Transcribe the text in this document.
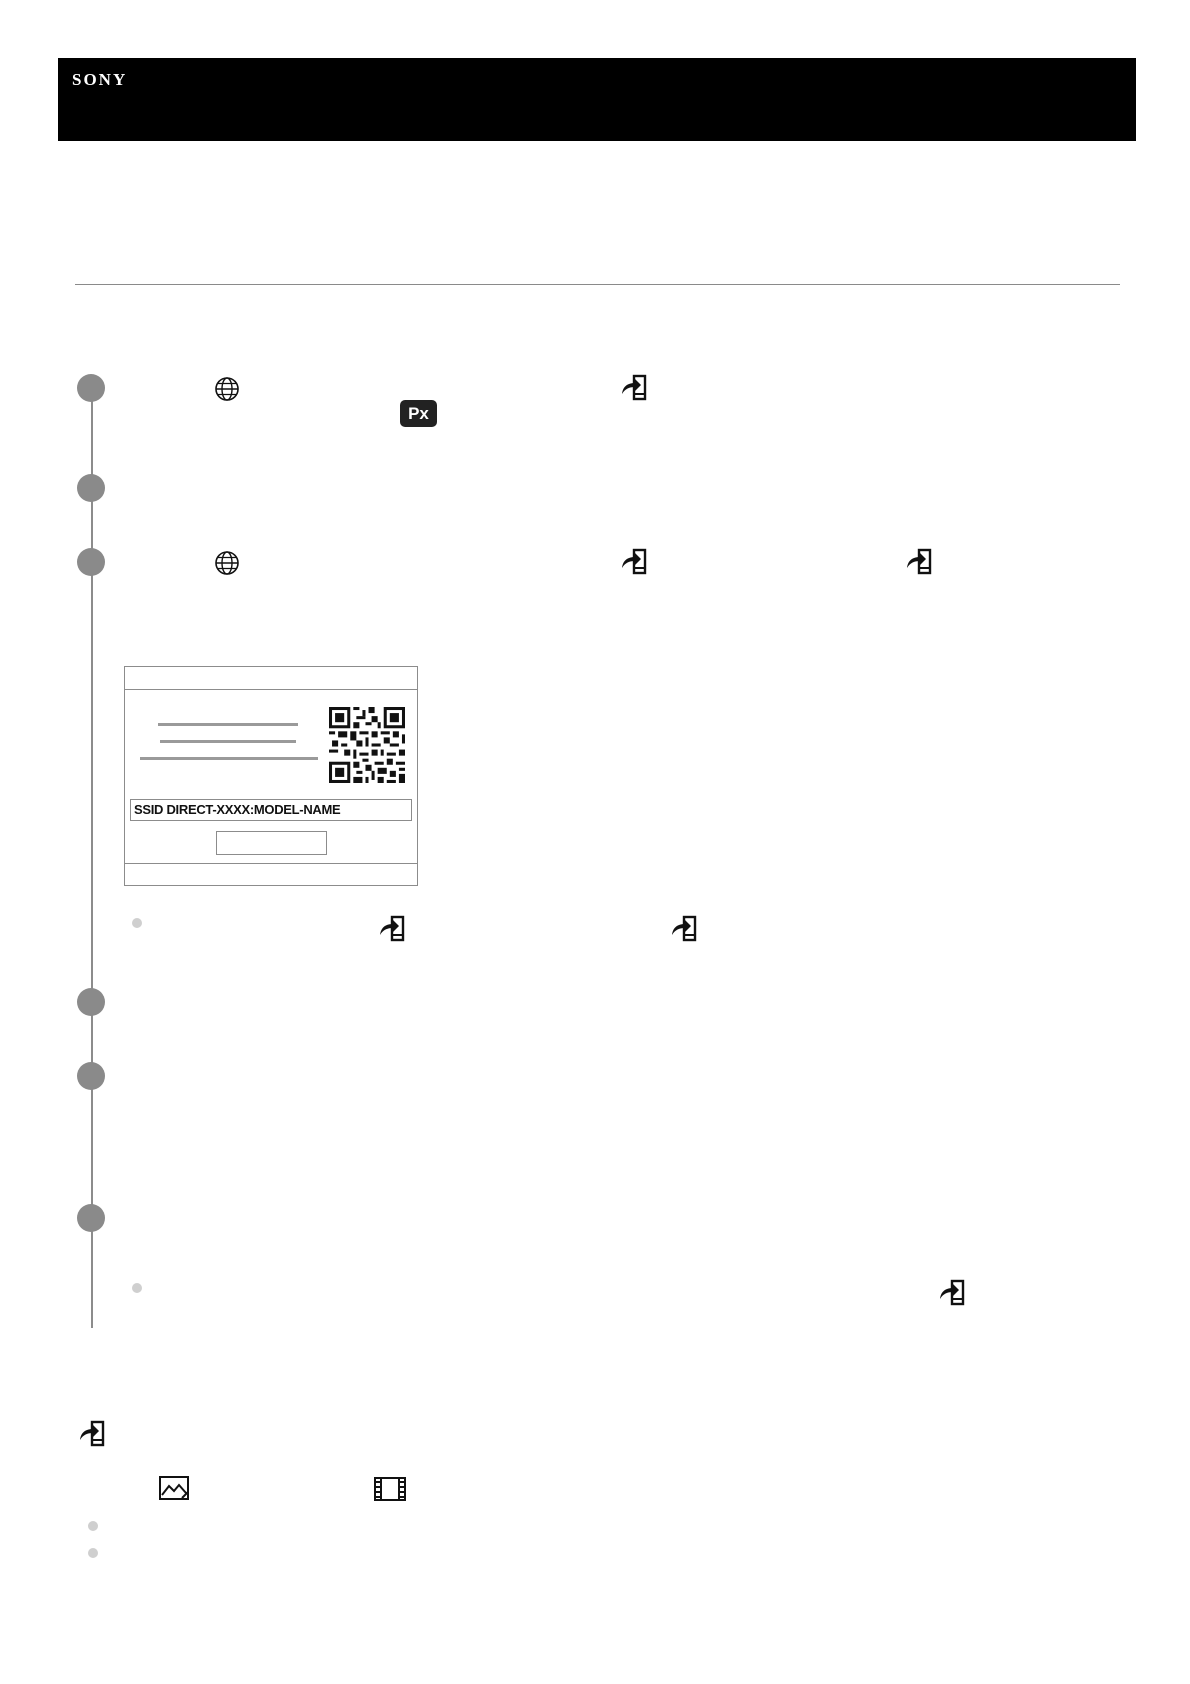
SONY
Px
SSID DIRECT-XXXX:MODEL-NAME
